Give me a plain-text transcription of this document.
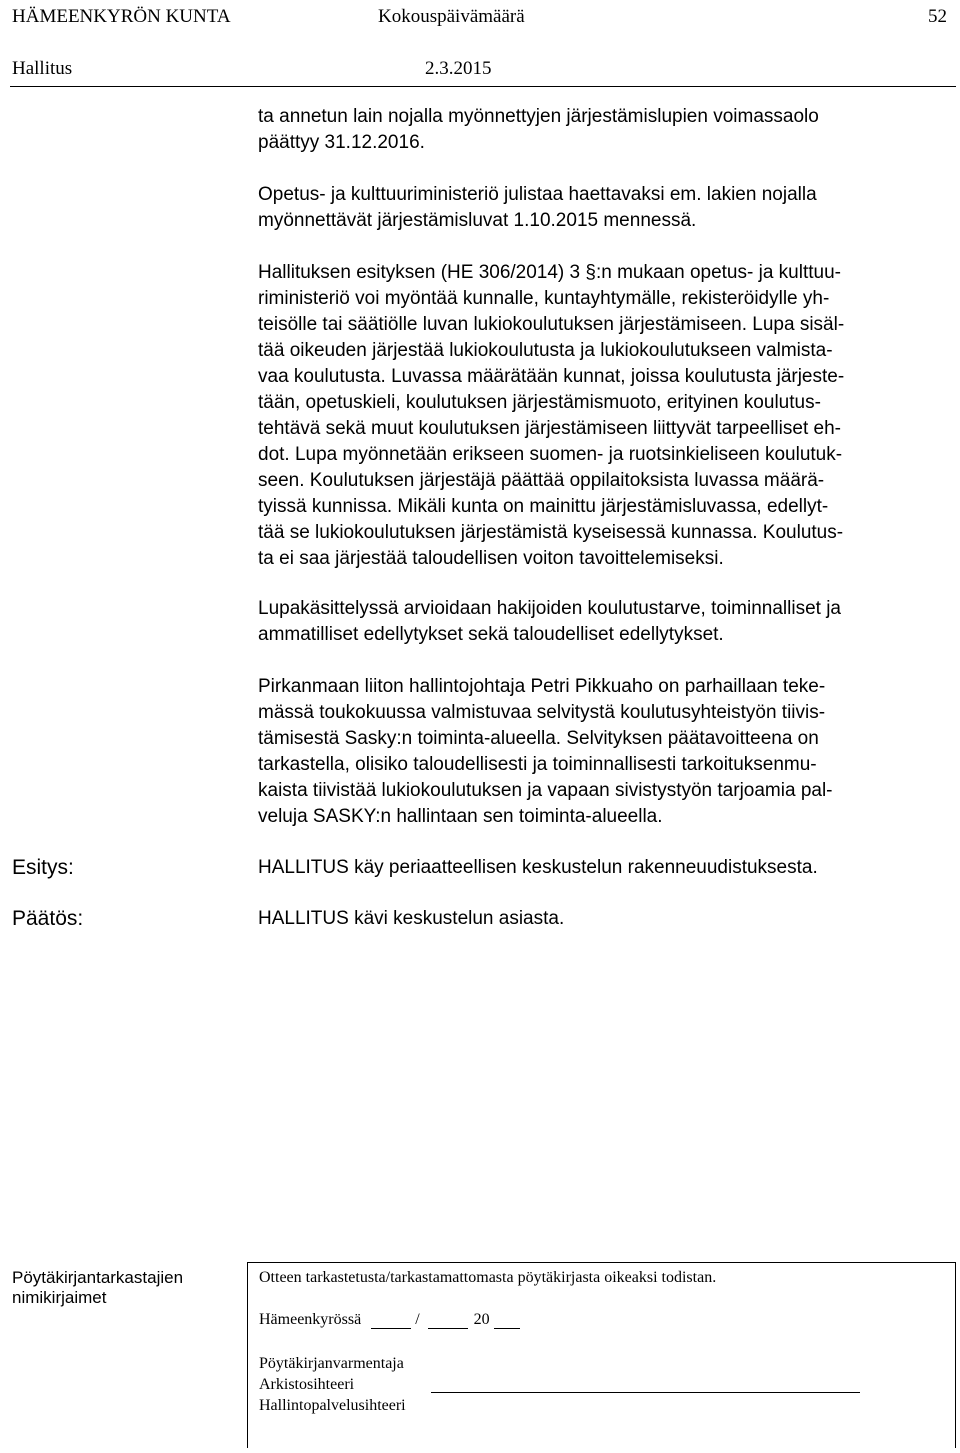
HÄMEENKYRÖN KUNTA	Kokouspäivämäärä	52
Hallitus	2.3.2015
ta annetun lain nojalla myönnettyjen järjestämislupien voimassaolo
päättyy 31.12.2016.
Opetus- ja kulttuuriministeriö julistaa haettavaksi em. lakien nojalla
myönnettävät järjestämisluvat 1.10.2015 mennessä.
Hallituksen esityksen (HE 306/2014) 3 §:n mukaan opetus- ja kulttuu-
riministeriö voi myöntää kunnalle, kuntayhtymälle, rekisteröidylle yh-
teisölle tai säätiölle luvan lukiokoulutuksen järjestämiseen. Lupa sisäl-
tää oikeuden järjestää lukiokoulutusta ja lukiokoulutukseen valmista-
vaa koulutusta. Luvassa määrätään kunnat, joissa koulutusta järjeste-
tään, opetuskieli, koulutuksen järjestämismuoto, erityinen koulutus-
tehtävä sekä muut koulutuksen järjestämiseen liittyvät tarpeelliset eh-
dot. Lupa myönnetään erikseen suomen- ja ruotsinkieliseen koulutuk-
seen. Koulutuksen järjestäjä päättää oppilaitoksista luvassa määrä-
tyissä kunnissa. Mikäli kunta on mainittu järjestämisluvassa, edellyt-
tää se lukiokoulutuksen järjestämistä kyseisessä kunnassa. Koulutus-
ta ei saa järjestää taloudellisen voiton tavoittelemiseksi.
Lupakäsittelyssä arvioidaan hakijoiden koulutustarve, toiminnalliset ja
ammatilliset edellytykset sekä taloudelliset edellytykset.
Pirkanmaan liiton hallintojohtaja Petri Pikkuaho on parhaillaan teke-
mässä toukokuussa valmistuvaa selvitystä koulutusyhteistyön tiivis-
tämisestä Sasky:n toiminta-alueella. Selvityksen päätavoitteena on
tarkastella, olisiko taloudellisesti ja toiminnallisesti tarkoituksenmu-
kaista tiivistää lukiokoulutuksen ja vapaan sivistystyön tarjoamia pal-
veluja SASKY:n hallintaan sen toiminta-alueella.
Esitys:	HALLITUS käy periaatteellisen keskustelun rakenneuudistuksesta.
Päätös:	HALLITUS kävi keskustelun asiasta.
Pöytäkirjantarkastajien
nimikirjaimet
Otteen tarkastetusta/tarkastamattomasta pöytäkirjasta oikeaksi todistan.
Hämeenkyrössä	/	20
Pöytäkirjanvarmentaja
Arkistosihteeri
Hallintopalvelusihteeri
